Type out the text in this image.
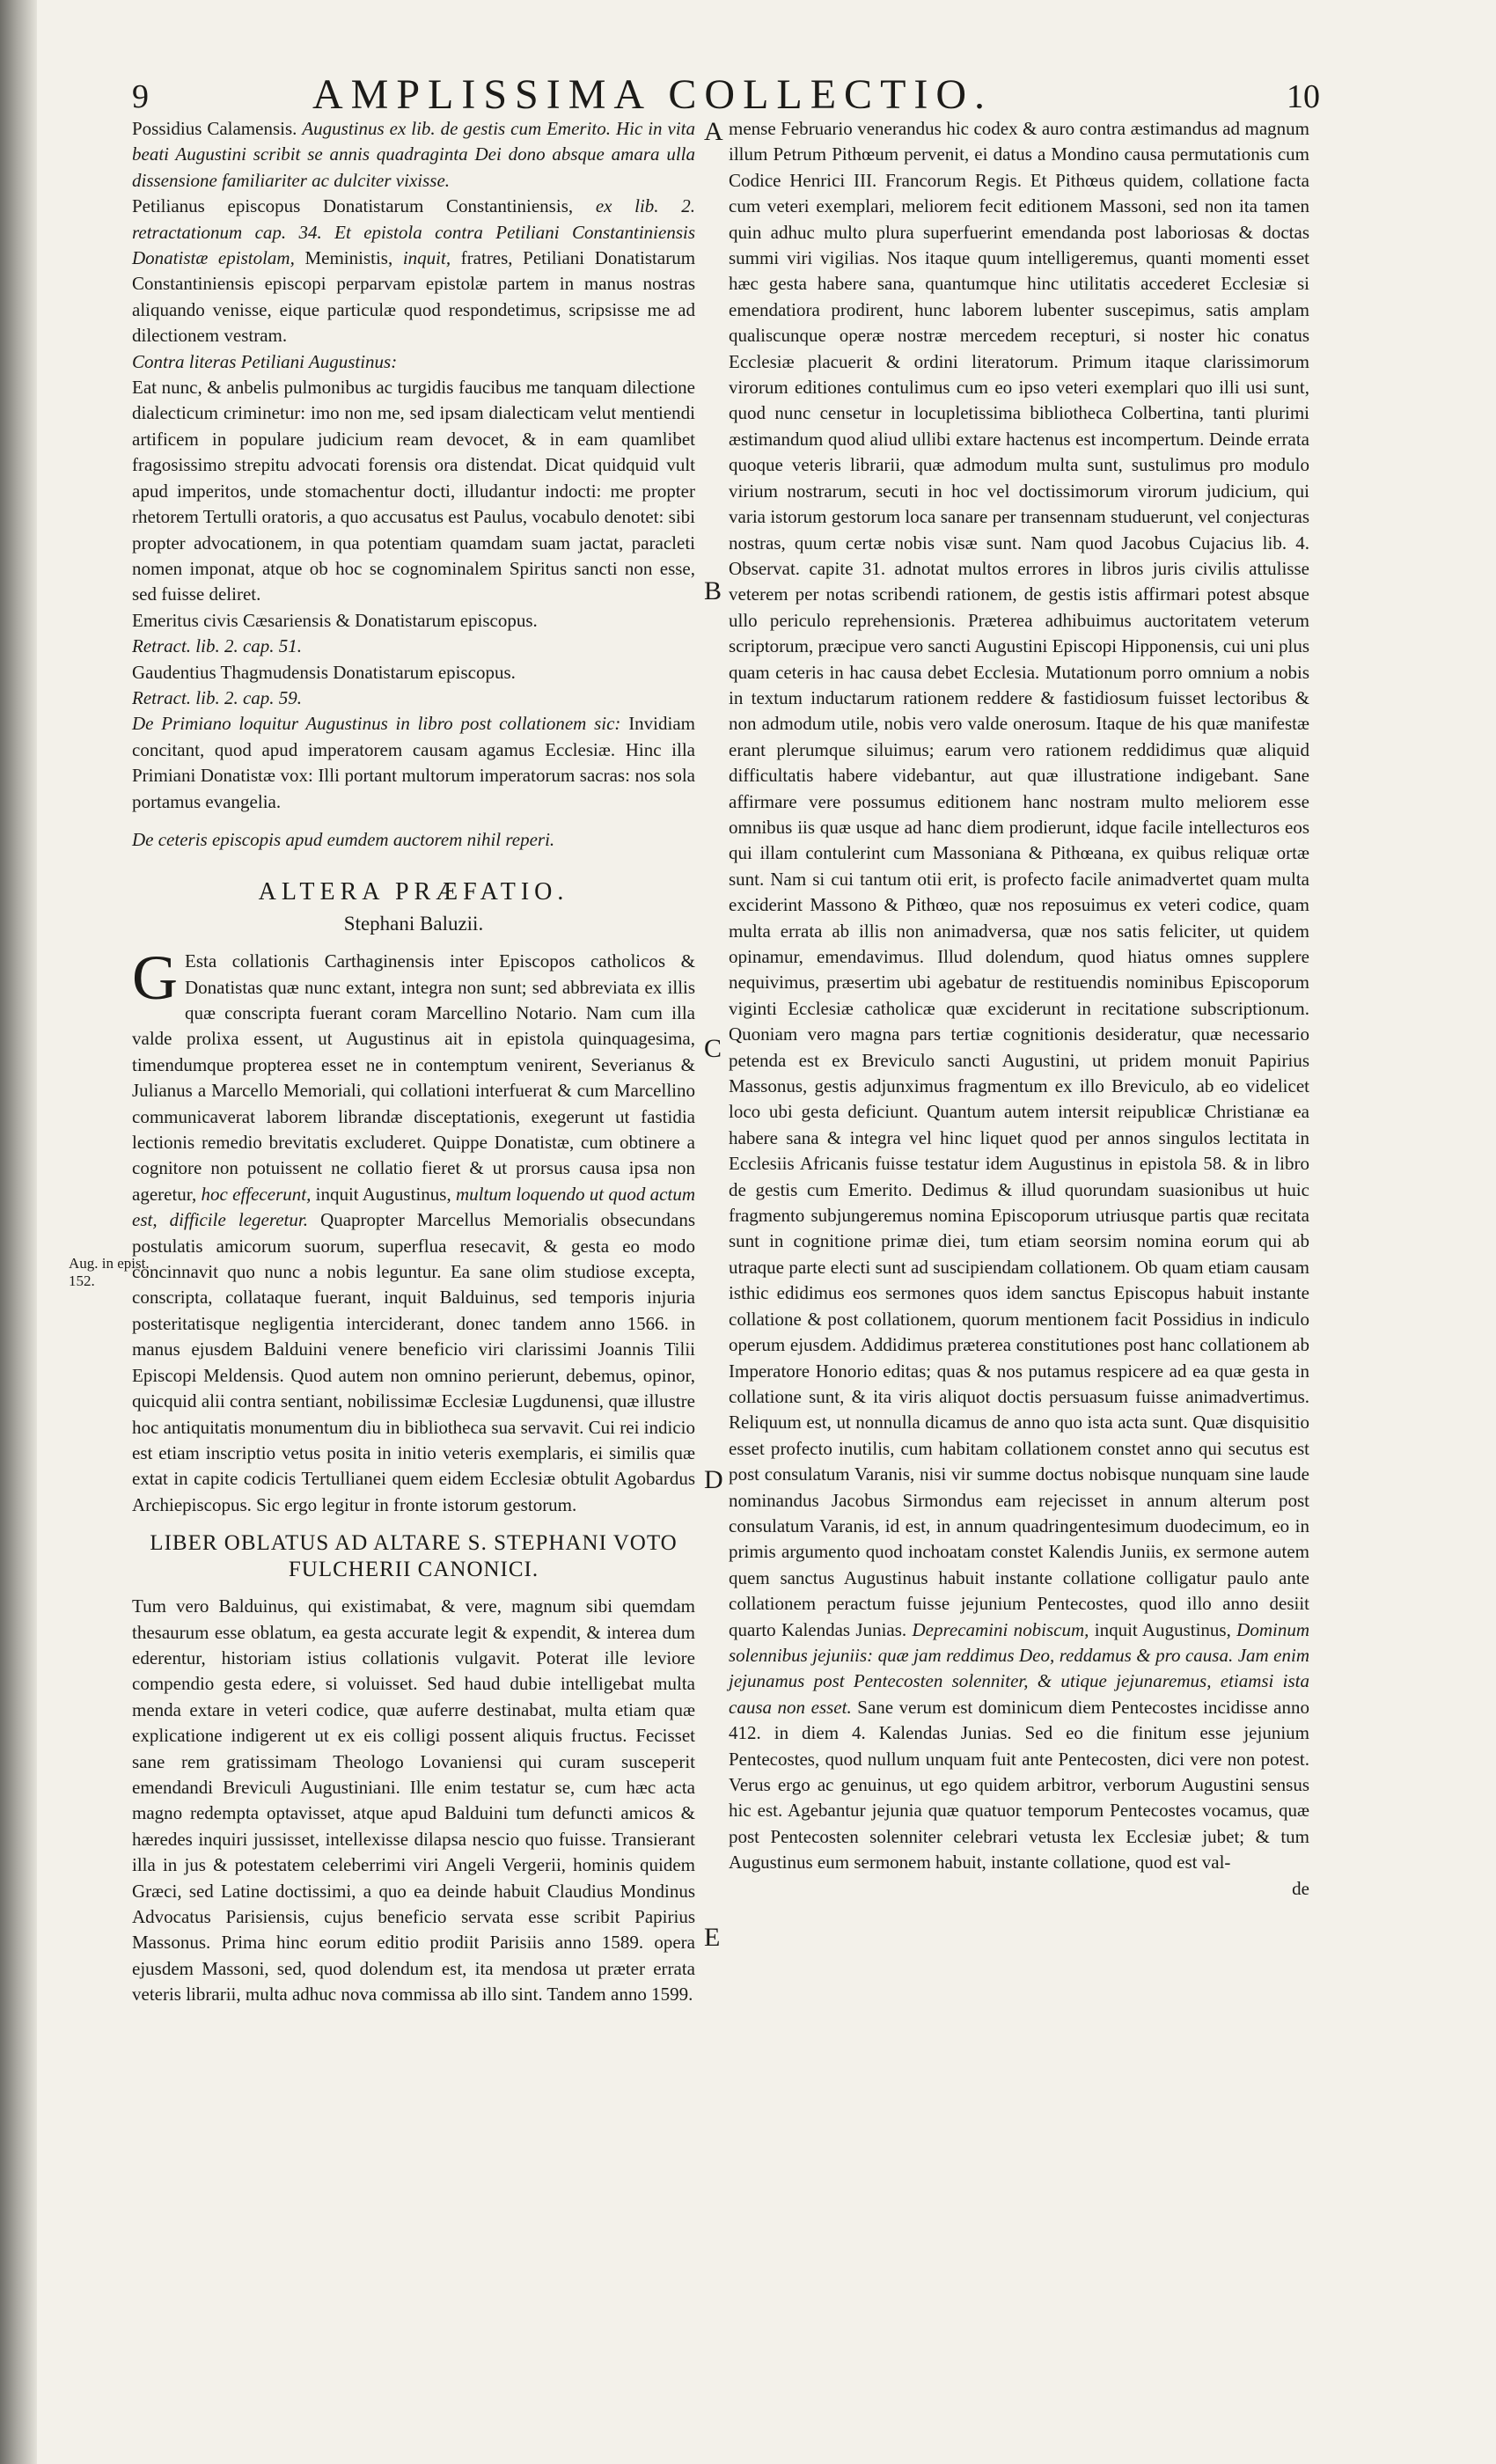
9	AMPLISSIMA COLLECTIO.	10
A
B
C
D
E
Aug. in epist.
152.

Possidius Calamensis. Augustinus ex lib. de gestis cum Emerito. Hic in vita beati Augustini scribit se annis quadraginta Dei dono absque amara ulla dissensione familiariter ac dulciter vixisse.

Petilianus episcopus Donatistarum Constantiniensis, ex lib. 2. retractationum cap. 34. Et epistola contra Petiliani Constantiniensis Donatistæ epistolam, Meministis, inquit, fratres, Petiliani Donatistarum Constantiniensis episcopi perparvam epistolæ partem in manus nostras aliquando venisse, eique particulæ quod respondetimus, scripsisse me ad dilectionem vestram.

Contra literas Petiliani Augustinus:

Eat nunc, & anbelis pulmonibus ac turgidis faucibus me tanquam dilectione dialecticum criminetur: imo non me, sed ipsam dialecticam velut mentiendi artificem in populare judicium ream devocet, & in eam quamlibet fragosissimo strepitu advocati forensis ora distendat. Dicat quidquid vult apud imperitos, unde stomachentur docti, illudantur indocti: me propter rhetorem Tertulli oratoris, a quo accusatus est Paulus, vocabulo denotet: sibi propter advocationem, in qua potentiam quamdam suam jactat, paracleti nomen imponat, atque ob hoc se cognominalem Spiritus sancti non esse, sed fuisse deliret.

Emeritus civis Cæsariensis & Donatistarum episcopus.

Retract. lib. 2. cap. 51.

Gaudentius Thagmudensis Donatistarum episcopus.

Retract. lib. 2. cap. 59.

De Primiano loquitur Augustinus in libro post collationem sic: Invidiam concitant, quod apud imperatorem causam agamus Ecclesiæ. Hinc illa Primiani Donatistæ vox: Illi portant multorum imperatorum sacras: nos sola portamus evangelia.

De ceteris episcopis apud eumdem auctorem nihil reperi.

ALTERA PRÆFATIO.
Stephani Baluzii.

G Esta collationis Carthaginensis inter Episcopos catholicos & Donatistas quæ nunc extant, integra non sunt; sed abbreviata ex illis quæ conscripta fuerant coram Marcellino Notario. Nam cum illa valde prolixa essent, ut Augustinus ait in epistola quinquagesima, timendumque propterea esset ne in contemptum venirent, Severianus & Julianus a Marcello Memoriali, qui collationi interfuerat & cum Marcellino communicaverat laborem librandæ disceptationis, exegerunt ut fastidia lectionis remedio brevitatis excluderet. Quippe Donatistæ, cum obtinere a cognitore non potuissent ne collatio fieret & ut prorsus causa ipsa non ageretur, hoc effecerunt, inquit Augustinus, multum loquendo ut quod actum est, difficile legeretur. Quapropter Marcellus Memorialis obsecundans postulatis amicorum suorum, superflua resecavit, & gesta eo modo concinnavit quo nunc a nobis leguntur. Ea sane olim studiose excepta, conscripta, collataque fuerant, inquit Balduinus, sed temporis injuria posteritatisque negligentia interciderant, donec tandem anno 1566. in manus ejusdem Balduini venere beneficio viri clarissimi Joannis Tilii Episcopi Meldensis. Quod autem non omnino perierunt, debemus, opinor, quicquid alii contra sentiant, nobilissimæ Ecclesiæ Lugdunensi, quæ illustre hoc antiquitatis monumentum diu in bibliotheca sua servavit. Cui rei indicio est etiam inscriptio vetus posita in initio veteris exemplaris, ei similis quæ extat in capite codicis Tertullianei quem eidem Ecclesiæ obtulit Agobardus Archiepiscopus. Sic ergo legitur in fronte istorum gestorum.

LIBER OBLATUS AD ALTARE S. STEPHANI VOTO FULCHERII CANONICI.

Tum vero Balduinus, qui existimabat, & vere, magnum sibi quemdam thesaurum esse oblatum, ea gesta accurate legit & expendit, & interea dum ederentur, historiam istius collationis vulgavit. Poterat ille leviore compendio gesta edere, si voluisset. Sed haud dubie intelligebat multa menda extare in veteri codice, quæ auferre destinabat, multa etiam quæ explicatione indigerent ut ex eis colligi possent aliquis fructus. Fecisset sane rem gratissimam Theologo Lovaniensi qui curam susceperit emendandi Breviculi Augustiniani. Ille enim testatur se, cum hæc acta magno redempta optavisset, atque apud Balduini tum defuncti amicos & hæredes inquiri jussisset, intellexisse dilapsa nescio quo fuisse. Transierant illa in jus & potestatem celeberrimi viri Angeli Vergerii, hominis quidem Græci, sed Latine doctissimi, a quo ea deinde habuit Claudius Mondinus Advocatus Parisiensis, cujus beneficio servata esse scribit Papirius Massonus. Prima hinc eorum editio prodiit Parisiis anno 1589. opera ejusdem Massoni, sed, quod dolendum est, ita mendosa ut præter errata veteris librarii, multa adhuc nova commissa ab illo sint. Tandem anno 1599.

mense Februario venerandus hic codex & auro contra æstimandus ad magnum illum Petrum Pithœum pervenit, ei datus a Mondino causa permutationis cum Codice Henrici III. Francorum Regis. Et Pithœus quidem, collatione facta cum veteri exemplari, meliorem fecit editionem Massoni, sed non ita tamen quin adhuc multo plura superfuerint emendanda post laboriosas & doctas summi viri vigilias. Nos itaque quum intelligeremus, quanti momenti esset hæc gesta habere sana, quantumque hinc utilitatis accederet Ecclesiæ si emendatiora prodirent, hunc laborem lubenter suscepimus, satis amplam qualiscunque operæ nostræ mercedem recepturi, si noster hic conatus Ecclesiæ placuerit & ordini literatorum. Primum itaque clarissimorum virorum editiones contulimus cum eo ipso veteri exemplari quo illi usi sunt, quod nunc censetur in locupletissima bibliotheca Colbertina, tanti plurimi æstimandum quod aliud ullibi extare hactenus est incompertum. Deinde errata quoque veteris librarii, quæ admodum multa sunt, sustulimus pro modulo virium nostrarum, secuti in hoc vel doctissimorum virorum judicium, qui varia istorum gestorum loca sanare per transennam studuerunt, vel conjecturas nostras, quum certæ nobis visæ sunt. Nam quod Jacobus Cujacius lib. 4. Observat. capite 31. adnotat multos errores in libros juris civilis attulisse veterem per notas scribendi rationem, de gestis istis affirmari potest absque ullo periculo reprehensionis. Præterea adhibuimus auctoritatem veterum scriptorum, præcipue vero sancti Augustini Episcopi Hipponensis, cui uni plus quam ceteris in hac causa debet Ecclesia. Mutationum porro omnium a nobis in textum inductarum rationem reddere & fastidiosum fuisset lectoribus & non admodum utile, nobis vero valde onerosum. Itaque de his quæ manifestæ erant plerumque siluimus; earum vero rationem reddidimus quæ aliquid difficultatis habere videbantur, aut quæ illustratione indigebant. Sane affirmare vere possumus editionem hanc nostram multo meliorem esse omnibus iis quæ usque ad hanc diem prodierunt, idque facile intellecturos eos qui illam contulerint cum Massoniana & Pithœana, ex quibus reliquæ ortæ sunt. Nam si cui tantum otii erit, is profecto facile animadvertet quam multa exciderint Massono & Pithœo, quæ nos reposuimus ex veteri codice, quam multa errata ab illis non animadversa, quæ nos satis feliciter, ut quidem opinamur, emendavimus. Illud dolendum, quod hiatus omnes supplere nequivimus, præsertim ubi agebatur de restituendis nominibus Episcoporum viginti Ecclesiæ catholicæ quæ exciderunt in recitatione subscriptionum. Quoniam vero magna pars tertiæ cognitionis desideratur, quæ necessario petenda est ex Breviculo sancti Augustini, ut pridem monuit Papirius Massonus, gestis adjunximus fragmentum ex illo Breviculo, ab eo videlicet loco ubi gesta deficiunt. Quantum autem intersit reipublicæ Christianæ ea habere sana & integra vel hinc liquet quod per annos singulos lectitata in Ecclesiis Africanis fuisse testatur idem Augustinus in epistola 58. & in libro de gestis cum Emerito. Dedimus & illud quorundam suasionibus ut huic fragmento subjungeremus nomina Episcoporum utriusque partis quæ recitata sunt in cognitione primæ diei, tum etiam seorsim nomina eorum qui ab utraque parte electi sunt ad suscipiendam collationem. Ob quam etiam causam isthic edidimus eos sermones quos idem sanctus Episcopus habuit instante collatione & post collationem, quorum mentionem facit Possidius in indiculo operum ejusdem. Addidimus præterea constitutiones post hanc collationem ab Imperatore Honorio editas; quas & nos putamus respicere ad ea quæ gesta in collatione sunt, & ita viris aliquot doctis persuasum fuisse animadvertimus. Reliquum est, ut nonnulla dicamus de anno quo ista acta sunt. Quæ disquisitio esset profecto inutilis, cum habitam collationem constet anno qui secutus est post consulatum Varanis, nisi vir summe doctus nobisque nunquam sine laude nominandus Jacobus Sirmondus eam rejecisset in annum alterum post consulatum Varanis, id est, in annum quadringentesimum duodecimum, eo in primis argumento quod inchoatam constet Kalendis Juniis, ex sermone autem quem sanctus Augustinus habuit instante collatione colligatur paulo ante collationem peractum fuisse jejunium Pentecostes, quod illo anno desiit quarto Kalendas Junias. Deprecamini nobiscum, inquit Augustinus, Dominum solennibus jejuniis: quæ jam reddimus Deo, reddamus & pro causa. Jam enim jejunamus post Pentecosten solenniter, & utique jejunaremus, etiamsi ista causa non esset. Sane verum est dominicum diem Pentecostes incidisse anno 412. in diem 4. Kalendas Junias. Sed eo die finitum esse jejunium Pentecostes, quod nullum unquam fuit ante Pentecosten, dici vere non potest. Verus ergo ac genuinus, ut ego quidem arbitror, verborum Augustini sensus hic est. Agebantur jejunia quæ quatuor temporum Pentecostes vocamus, quæ post Pentecosten solenniter celebrari vetusta lex Ecclesiæ jubet; & tum Augustinus eum sermonem habuit, instante collatione, quod est val-

de
